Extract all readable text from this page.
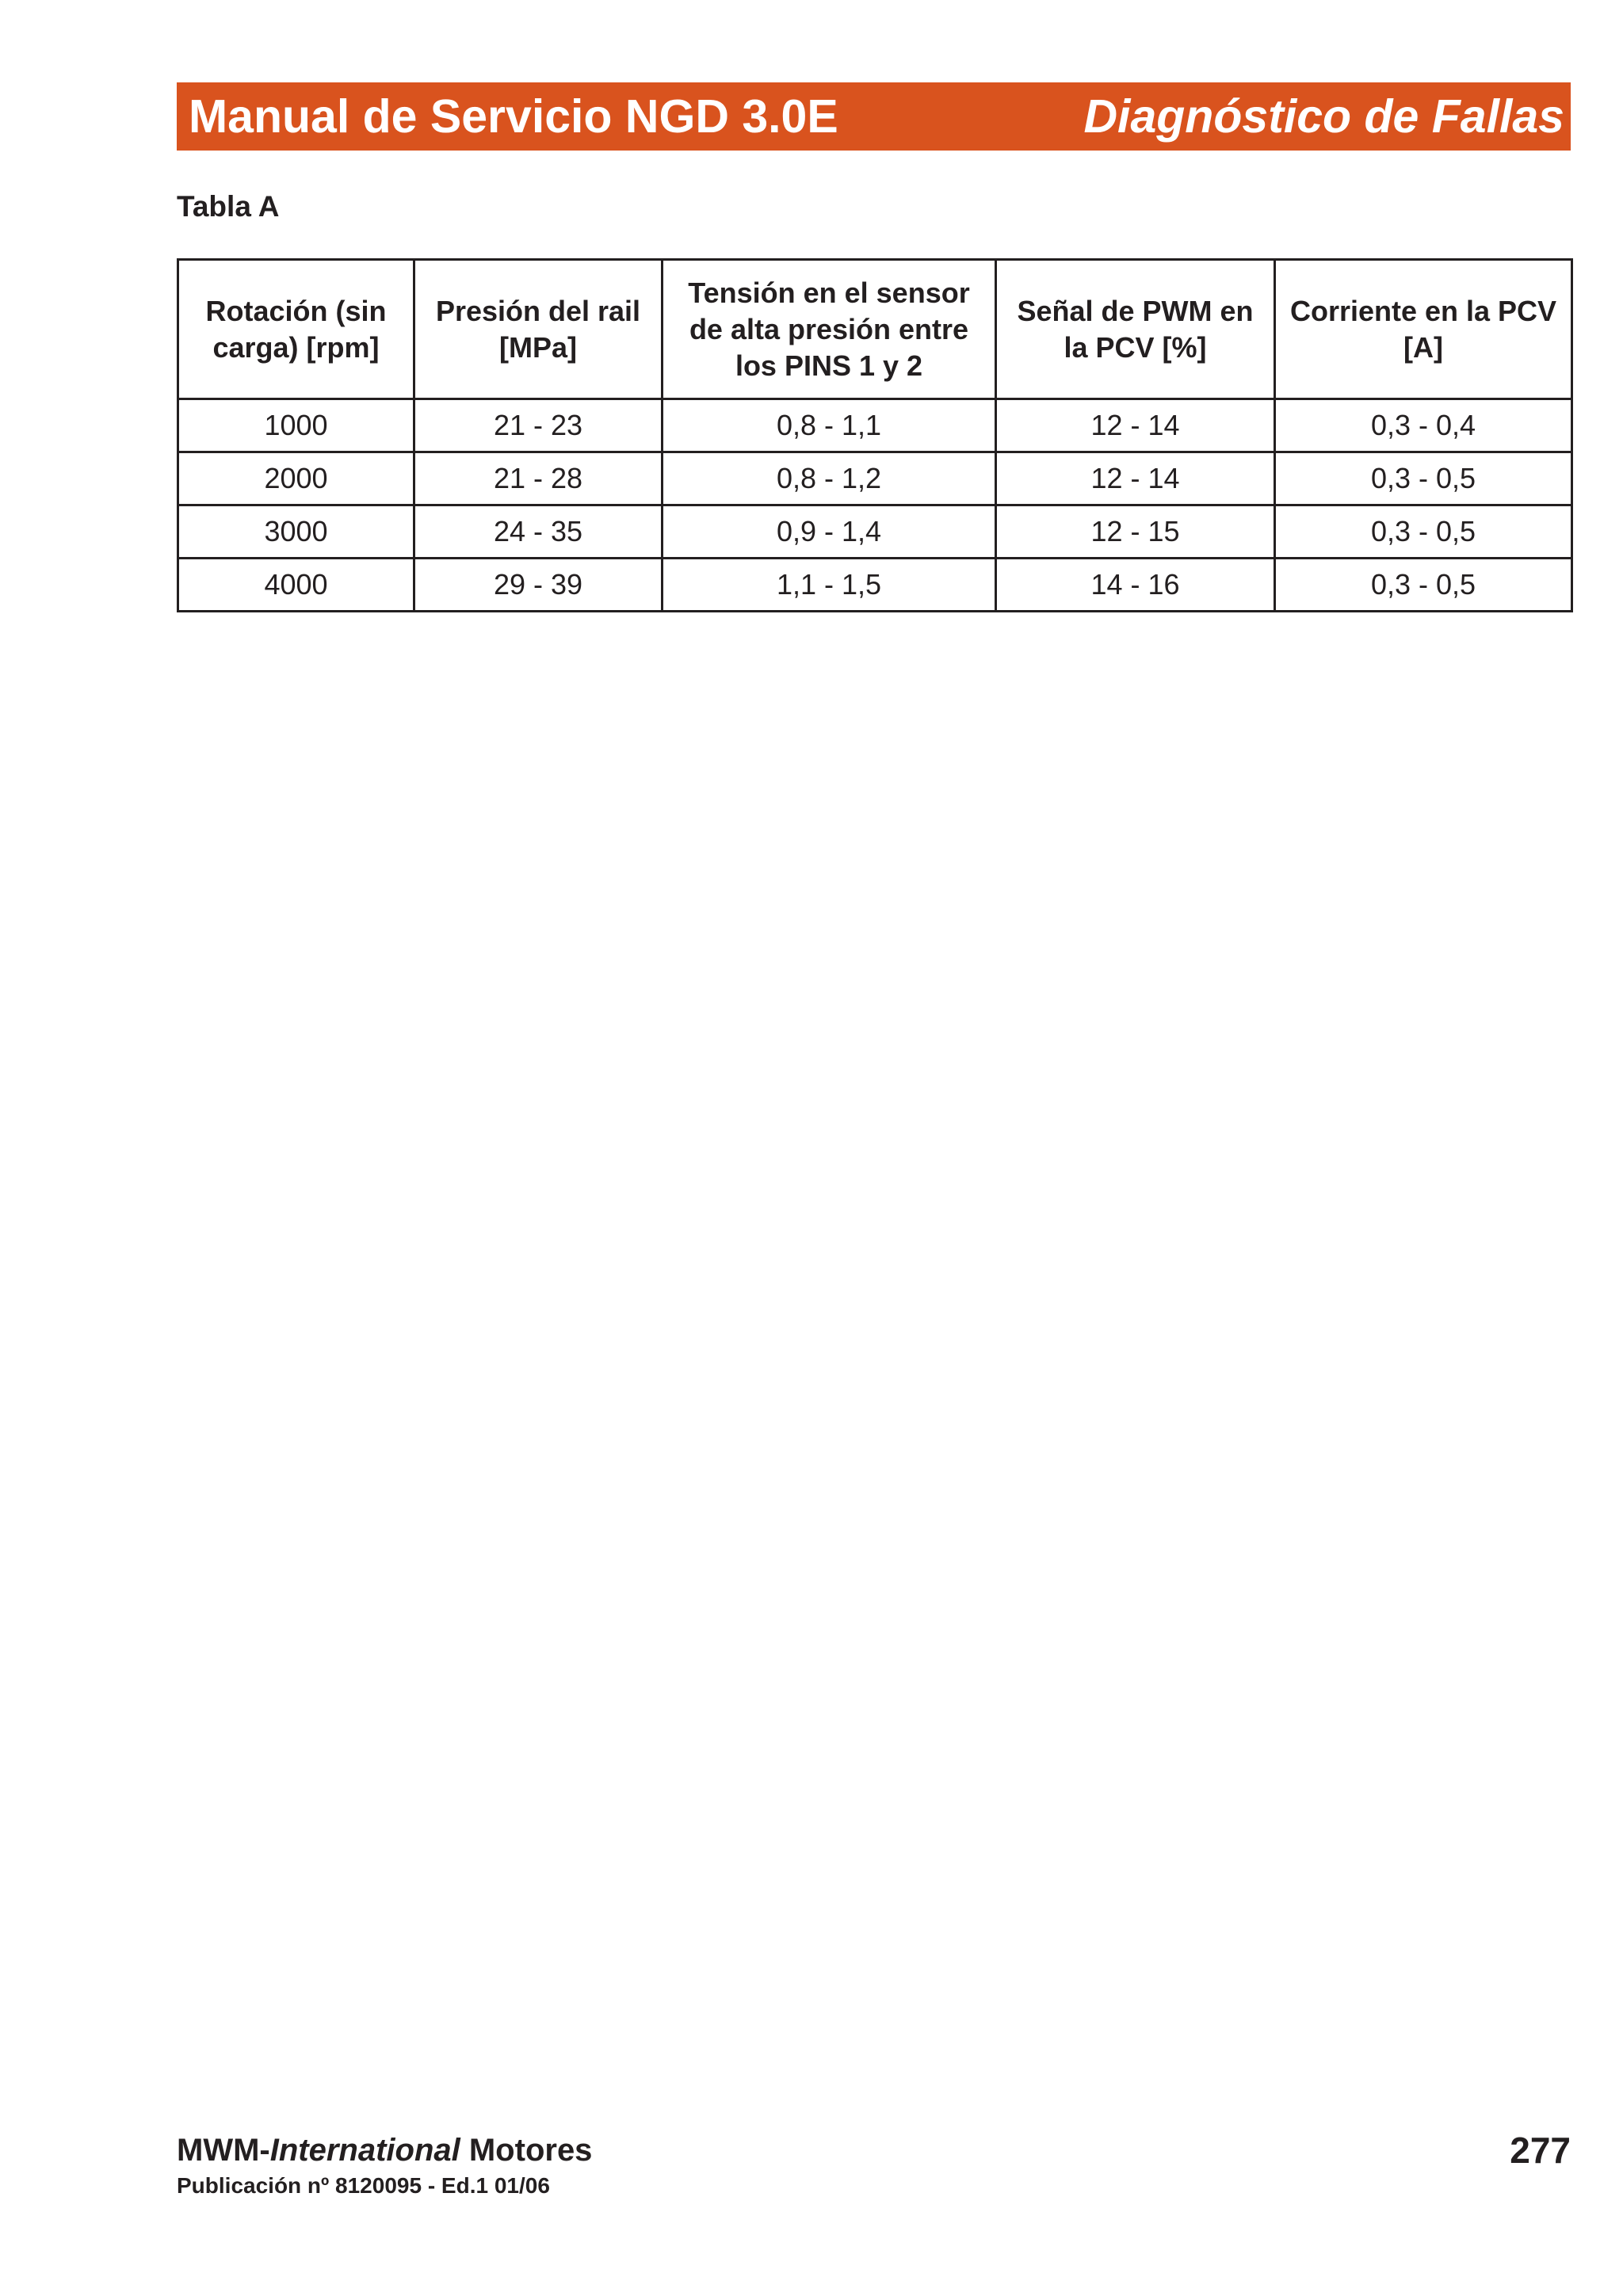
Manual de Servicio NGD 3.0E	Diagnóstico de Fallas
Tabla A
Rotación (sin carga) [rpm]	Presión del rail [MPa]	Tensión en el sensor de alta presión entre los PINS 1 y 2	Señal de PWM en la PCV [%]	Corriente en la PCV [A]
1000	21 - 23	0,8 - 1,1	12 - 14	0,3 - 0,4
2000	21 - 28	0,8 - 1,2	12 - 14	0,3 - 0,5
3000	24 - 35	0,9 - 1,4	12 - 15	0,3 - 0,5
4000	29 - 39	1,1 - 1,5	14 - 16	0,3 - 0,5
MWM-International Motores
Publicación nº 8120095 - Ed.1 01/06
277
